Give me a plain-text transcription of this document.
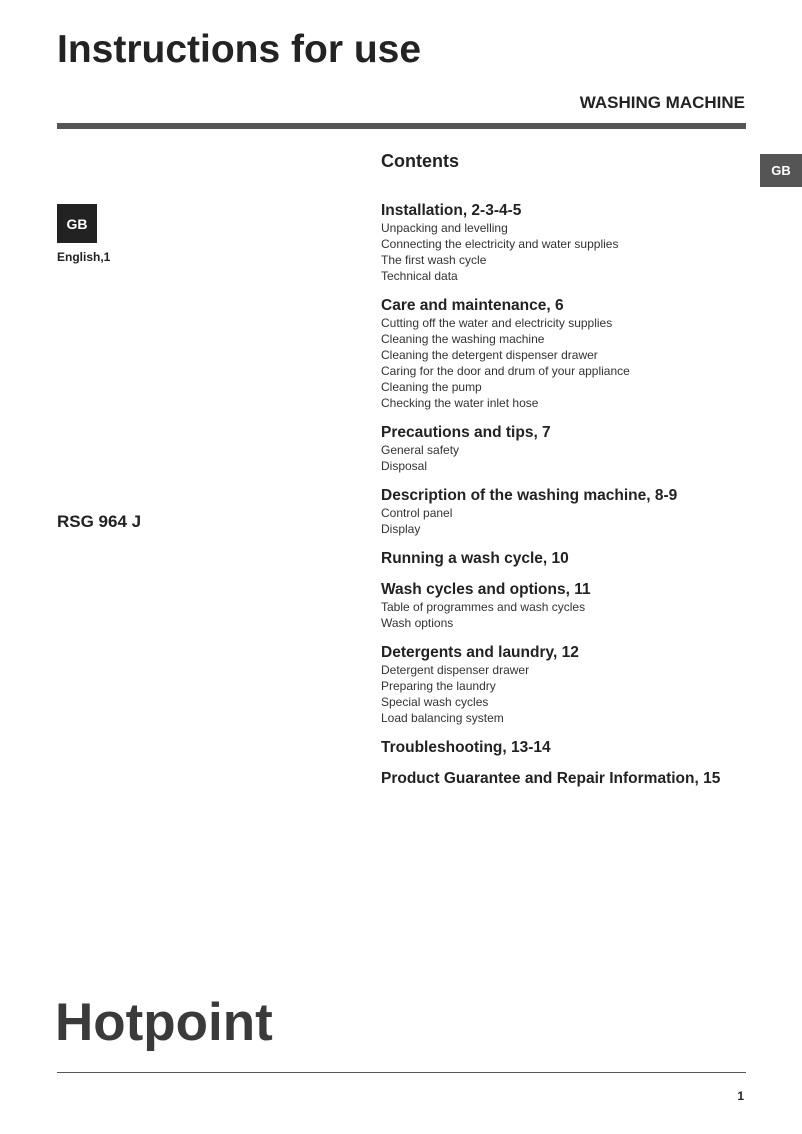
Instructions for use
WASHING MACHINE
GB
GB
English,1
RSG 964 J
Contents
Installation, 2-3-4-5
Unpacking and levelling
Connecting the electricity and water supplies
The first wash cycle
Technical data
Care and maintenance, 6
Cutting off the water and electricity supplies
Cleaning the washing machine
Cleaning the detergent dispenser drawer
Caring for the door and drum of your appliance
Cleaning the pump
Checking the water inlet hose
Precautions and tips, 7
General safety
Disposal
Description of the washing machine, 8-9
Control panel
Display
Running a wash cycle, 10
Wash cycles and options, 11
Table of programmes and wash cycles
Wash options
Detergents and laundry, 12
Detergent dispenser drawer
Preparing the laundry
Special wash cycles
Load balancing system
Troubleshooting, 13-14
Product Guarantee and Repair Information, 15
Hotpoint
1
